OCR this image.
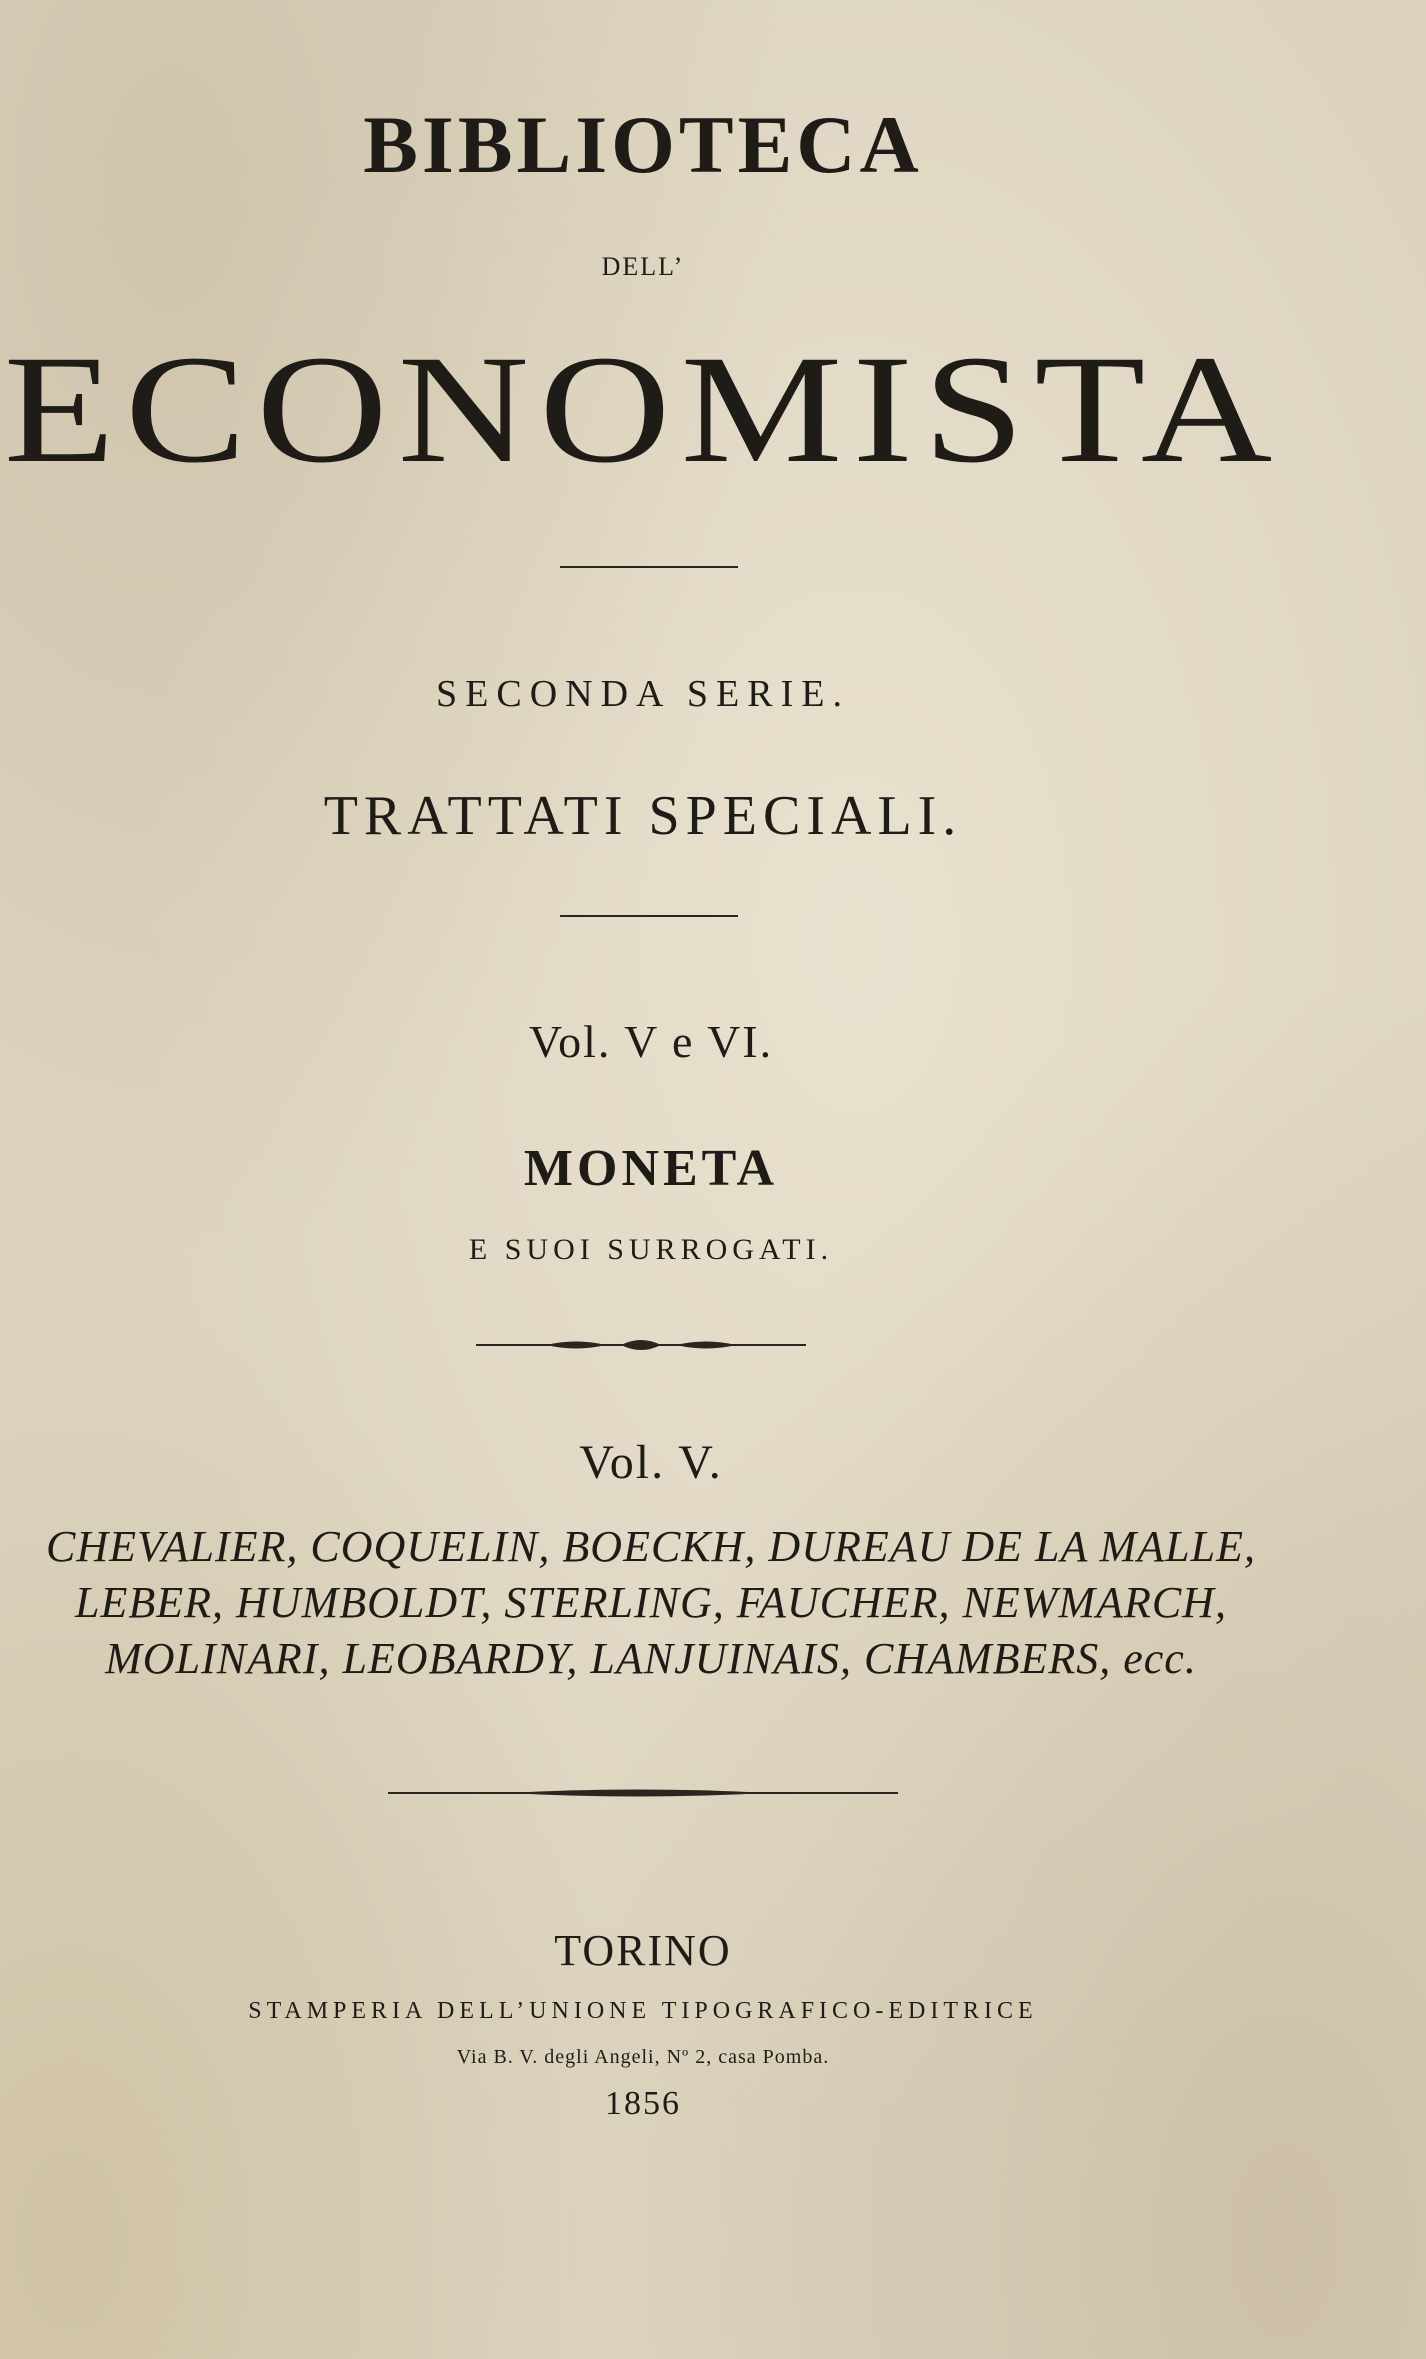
BIBLIOTECA
DELL’
ECONOMISTA
SECONDA SERIE.
TRATTATI SPECIALI.
Vol. V e VI.
MONETA
E SUOI SURROGATI.
Vol. V.
CHEVALIER, COQUELIN, BOECKH, DUREAU DE LA MALLE,
LEBER, HUMBOLDT, STERLING, FAUCHER, NEWMARCH,
MOLINARI, LEOBARDY, LANJUINAIS, CHAMBERS, ecc.
TORINO
STAMPERIA DELL’UNIONE TIPOGRAFICO-EDITRICE
Via B. V. degli Angeli, Nº 2, casa Pomba.
1856
